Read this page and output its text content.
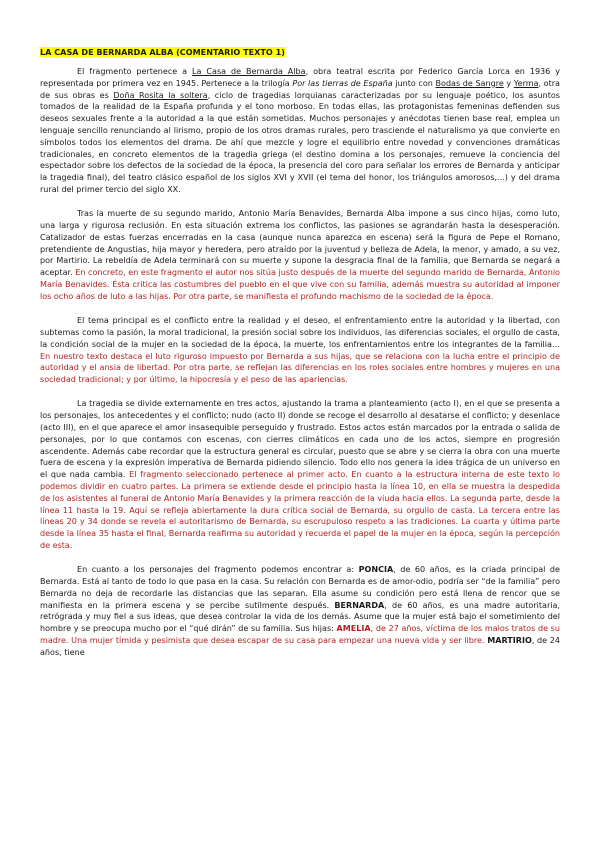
LA CASA DE BERNARDA ALBA (COMENTARIO TEXTO 1)

El fragmento pertenece a La Casa de Bernarda Alba, obra teatral escrita por Federico García Lorca en 1936 y representada por primera vez en 1945. Pertenece a la trilogía Por las tierras de España junto con Bodas de Sangre y Yerma, otra de sus obras es Doña Rosita la soltera, ciclo de tragedias lorquianas caracterizadas por su lenguaje poético, los asuntos tomados de la realidad de la España profunda y el tono morboso. En todas ellas, las protagonistas femeninas defienden sus deseos sexuales frente a la autoridad a la que están sometidas. Muchos personajes y anécdotas tienen base real, emplea un lenguaje sencillo renunciando al lirismo, propio de los otros dramas rurales, pero trasciende el naturalismo ya que convierte en símbolos todos los elementos del drama. De ahí que mezcle y logre el equilibrio entre novedad y convenciones dramáticas tradicionales, en concreto elementos de la tragedia griega (el destino domina a los personajes, remueve la conciencia del espectador sobre los defectos de la sociedad de la época, la presencia del coro para señalar los errores de Bernarda y anticipar la tragedia final), del teatro clásico español de los siglos XVI y XVII (el tema del honor, los triángulos amorosos,...) y del drama rural del primer tercio del siglo XX.

Tras la muerte de su segundo marido, Antonio María Benavides, Bernarda Alba impone a sus cinco hijas, como luto, una larga y rigurosa reclusión. En esta situación extrema los conflictos, las pasiones se agrandarán hasta la desesperación. Catalizador de estas fuerzas encerradas en la casa (aunque nunca aparezca en escena) será la figura de Pepe el Romano, pretendiente de Angustias, hija mayor y heredera, pero atraído por la juventud y belleza de Adela, la menor, y amado, a su vez, por Martirio. La rebeldía de Adela terminará con su muerte y supone la desgracia final de la familia, que Bernarda se negará a aceptar. En concreto, en este fragmento el autor nos sitúa justo después de la muerte del segundo marido de Bernarda, Antonio María Benavides. Ésta critica las costumbres del pueblo en el que vive con su familia, además muestra su autoridad al imponer los ocho años de luto a las hijas. Por otra parte, se manifiesta el profundo machismo de la sociedad de la época.

El tema principal es el conflicto entre la realidad y el deseo, el enfrentamiento entre la autoridad y la libertad, con subtemas como la pasión, la moral tradicional, la presión social sobre los individuos, las diferencias sociales, el orgullo de casta, la condición social de la mujer en la sociedad de la época, la muerte, los enfrentamientos entre los integrantes de la familia… En nuestro texto destaca el luto riguroso impuesto por Bernarda a sus hijas, que se relaciona con la lucha entre el principio de autoridad y el ansia de libertad. Por otra parte, se reflejan las diferencias en los roles sociales entre hombres y mujeres en una sociedad tradicional; y por último, la hipocresía y el peso de las apariencias.

La tragedia se divide externamente en tres actos, ajustando la trama a planteamiento (acto I), en el que se presenta a los personajes, los antecedentes y el conflicto; nudo (acto II) donde se recoge el desarrollo al desatarse el conflicto; y desenlace (acto III), en el que aparece el amor insasequible perseguido y frustrado. Estos actos están marcados por la entrada o salida de personajes, por lo que contamos con escenas, con cierres climáticos en cada uno de los actos, siempre en progresión ascendente. Además cabe recordar que la estructura general es circular, puesto que se abre y se cierra la obra con una muerte fuera de escena y la expresión imperativa de Bernarda pidiendo silencio. Todo ello nos genera la idea trágica de un universo en el que nada cambia. El fragmento seleccionado pertenece al primer acto. En cuanto a la estructura interna de este texto lo podemos dividir en cuatro partes. La primera se extiende desde el principio hasta la línea 10, en ella se muestra la despedida de los asistentes al funeral de Antonio María Benavides y la primera reacción de la viuda hacia ellos. La segunda parte, desde la línea 11 hasta la 19. Aquí se refleja abiertamente la dura crítica social de Bernarda, su orgullo de casta. La tercera entre las líneas 20 y 34 donde se revela el autoritarismo de Bernarda, su escrupuloso respeto a las tradiciones. La cuarta y última parte desde la línea 35 hasta el final, Bernarda reafirma su autoridad y recuerda el papel de la mujer en la época, según la percepción de esta.

En cuanto a los personajes del fragmento podemos encontrar a: PONCIA, de 60 años, es la criada principal de Bernarda. Está al tanto de todo lo que pasa en la casa. Su relación con Bernarda es de amor-odio, podría ser “de la familia” pero Bernarda no deja de recordarle las distancias que las separan. Ella asume su condición pero está llena de rencor que se manifiesta en la primera escena y se percibe sutilmente después. BERNARDA, de 60 años, es una madre autoritaria, retrógrada y muy fiel a sus ideas, que desea controlar la vida de los demás. Asume que la mujer está bajo el sometimiento del hombre y se preocupa mucho por el “qué dirán” de su familia. Sus hijas: AMELIA, de 27 años, víctima de los malos tratos de su madre. Una mujer tímida y pesimista que desea escapar de su casa para empezar una nueva vida y ser libre. MARTIRIO, de 24 años, tiene
